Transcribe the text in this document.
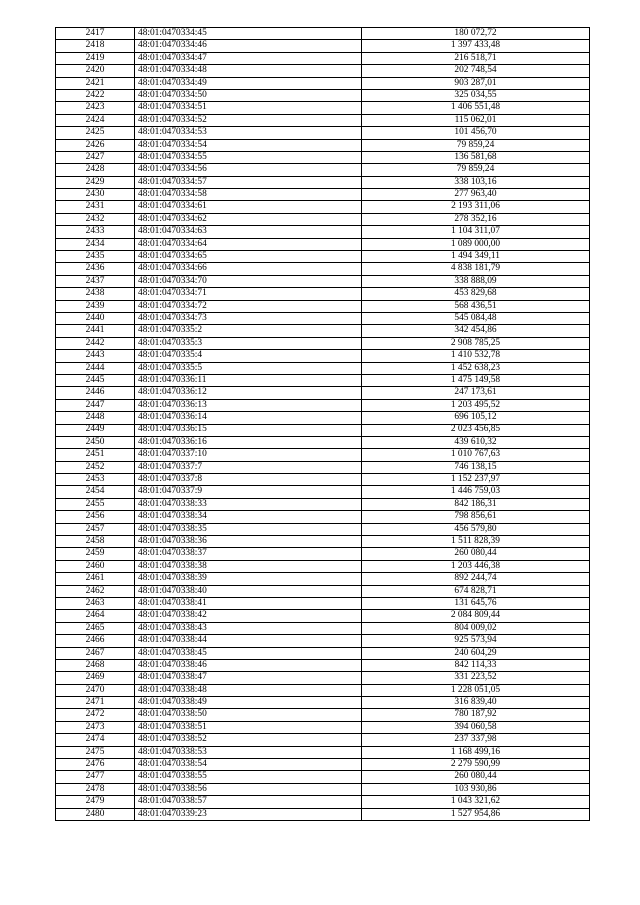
2417	48:01:0470334:45	180 072,72
2418	48:01:0470334:46	1 397 433,48
2419	48:01:0470334:47	216 518,71
2420	48:01:0470334:48	202 748,54
2421	48:01:0470334:49	903 287,01
2422	48:01:0470334:50	325 034,55
2423	48:01:0470334:51	1 406 551,48
2424	48:01:0470334:52	115 062,01
2425	48:01:0470334:53	101 456,70
2426	48:01:0470334:54	79 859,24
2427	48:01:0470334:55	136 581,68
2428	48:01:0470334:56	79 859,24
2429	48:01:0470334:57	338 103,16
2430	48:01:0470334:58	277 963,40
2431	48:01:0470334:61	2 193 311,06
2432	48:01:0470334:62	278 352,16
2433	48:01:0470334:63	1 104 311,07
2434	48:01:0470334:64	1 089 000,00
2435	48:01:0470334:65	1 494 349,11
2436	48:01:0470334:66	4 838 181,79
2437	48:01:0470334:70	338 888,09
2438	48:01:0470334:71	453 829,68
2439	48:01:0470334:72	568 436,51
2440	48:01:0470334:73	545 084,48
2441	48:01:0470335:2	342 454,86
2442	48:01:0470335:3	2 908 785,25
2443	48:01:0470335:4	1 410 532,78
2444	48:01:0470335:5	1 452 638,23
2445	48:01:0470336:11	1 475 149,58
2446	48:01:0470336:12	247 173,61
2447	48:01:0470336:13	1 203 495,52
2448	48:01:0470336:14	696 105,12
2449	48:01:0470336:15	2 023 456,85
2450	48:01:0470336:16	439 610,32
2451	48:01:0470337:10	1 010 767,63
2452	48:01:0470337:7	746 138,15
2453	48:01:0470337:8	1 152 237,97
2454	48:01:0470337:9	1 446 759,03
2455	48:01:0470338:33	842 186,31
2456	48:01:0470338:34	798 856,61
2457	48:01:0470338:35	456 579,80
2458	48:01:0470338:36	1 511 828,39
2459	48:01:0470338:37	260 080,44
2460	48:01:0470338:38	1 203 446,38
2461	48:01:0470338:39	892 244,74
2462	48:01:0470338:40	674 828,71
2463	48:01:0470338:41	131 645,76
2464	48:01:0470338:42	2 084 809,44
2465	48:01:0470338:43	804 009,02
2466	48:01:0470338:44	925 573,94
2467	48:01:0470338:45	240 604,29
2468	48:01:0470338:46	842 114,33
2469	48:01:0470338:47	331 223,52
2470	48:01:0470338:48	1 228 051,05
2471	48:01:0470338:49	316 839,40
2472	48:01:0470338:50	780 187,92
2473	48:01:0470338:51	394 060,58
2474	48:01:0470338:52	237 337,98
2475	48:01:0470338:53	1 168 499,16
2476	48:01:0470338:54	2 279 590,99
2477	48:01:0470338:55	260 080,44
2478	48:01:0470338:56	103 930,86
2479	48:01:0470338:57	1 043 321,62
2480	48:01:0470339:23	1 527 954,86
